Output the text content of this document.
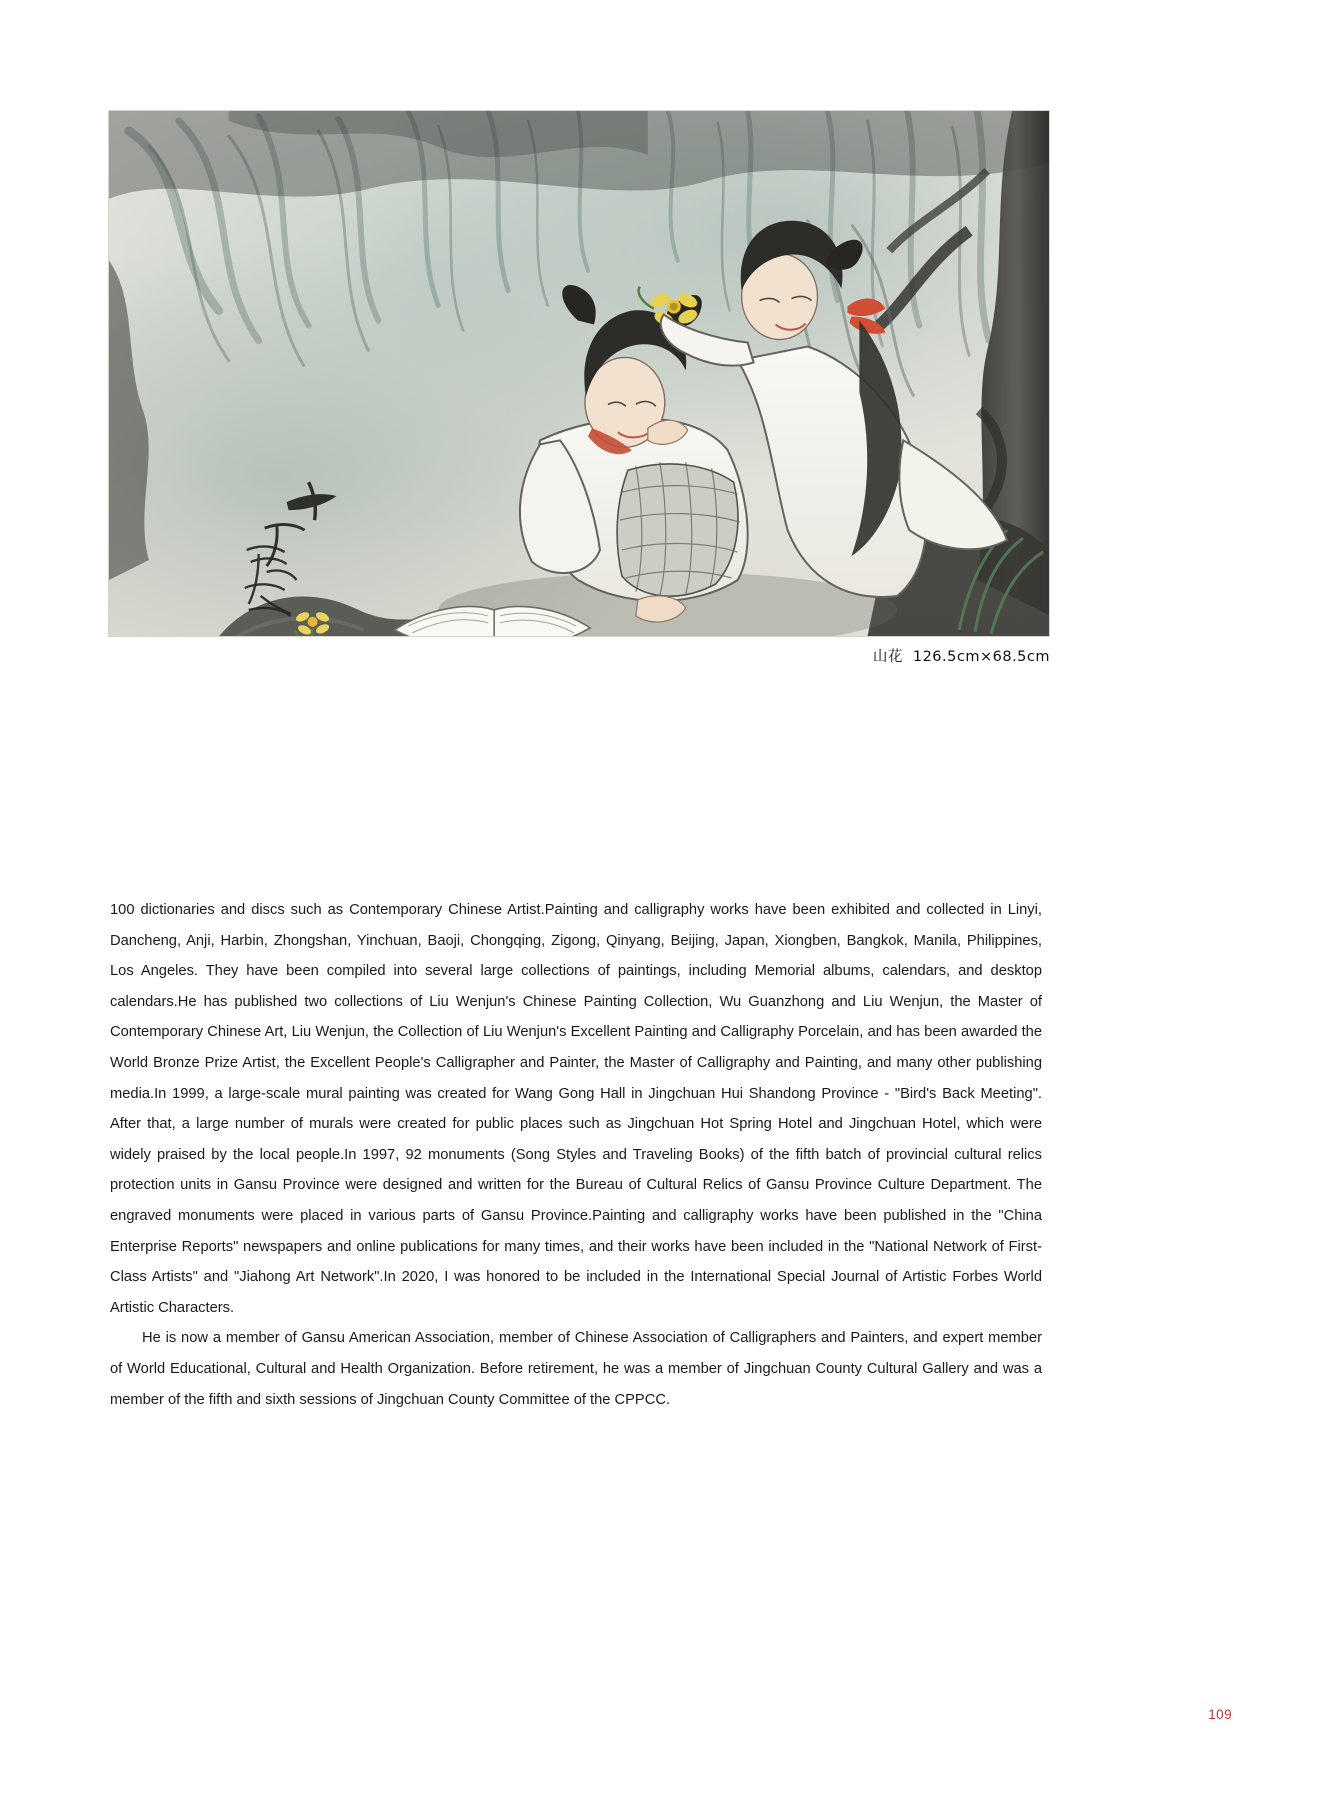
山花 126.5cm×68.5cm

100 dictionaries and discs such as Contemporary Chinese Artist.Painting and calligraphy works have been exhibited and collected in Linyi, Dancheng, Anji, Harbin, Zhongshan, Yinchuan, Baoji, Chongqing, Zigong, Qinyang, Beijing, Japan, Xiongben, Bangkok, Manila, Philippines, Los Angeles. They have been compiled into several large collections of paintings, including Memorial albums, calendars, and desktop calendars.He has published two collections of Liu Wenjun's Chinese Painting Collection, Wu Guanzhong and Liu Wenjun, the Master of Contemporary Chinese Art, Liu Wenjun, the Collection of Liu Wenjun's Excellent Painting and Calligraphy Porcelain, and has been awarded the World Bronze Prize Artist, the Excellent People's Calligrapher and Painter, the Master of Calligraphy and Painting, and many other publishing media.In 1999, a large-scale mural painting was created for Wang Gong Hall in Jingchuan Hui Shandong Province - "Bird's Back Meeting". After that, a large number of murals were created for public places such as Jingchuan Hot Spring Hotel and Jingchuan Hotel, which were widely praised by the local people.In 1997, 92 monuments (Song Styles and Traveling Books) of the fifth batch of provincial cultural relics protection units in Gansu Province were designed and written for the Bureau of Cultural Relics of Gansu Province Culture Department. The engraved monuments were placed in various parts of Gansu Province.Painting and calligraphy works have been published in the "China Enterprise Reports" newspapers and online publications for many times, and their works have been included in the "National Network of First-Class Artists" and "Jiahong Art Network".In 2020, I was honored to be included in the International Special Journal of Artistic Forbes World Artistic Characters.

He is now a member of Gansu American Association, member of Chinese Association of Calligraphers and Painters, and expert member of World Educational, Cultural and Health Organization. Before retirement, he was a member of Jingchuan County Cultural Gallery and was a member of the fifth and sixth sessions of Jingchuan County Committee of the CPPCC.

109
